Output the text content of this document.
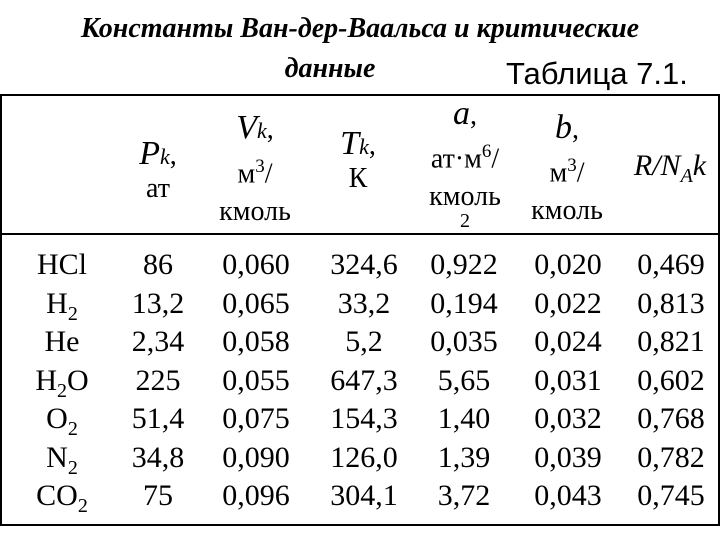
Константы Ван-дер-Ваальса и критические
данные	Таблица 7.1.
Pk,
ат
Vk,
$м^3/$
кмоль
Tk,
К
a,
$ат\cdot м^6/$
кмоль
2
b,
$м^3/$
кмоль
$R/N_Ak$
HCl
$H_2$
He
$H_2O$
$O_2$
$N_2$
$CO_2$
86
13,2
2,34
225
51,4
34,8
75
0,060
0,065
0,058
0,055
0,075
0,090
0,096
324,6
33,2
5,2
647,3
154,3
126,0
304,1
0,922
0,194
0,035
5,65
1,40
1,39
3,72
0,020
0,022
0,024
0,031
0,032
0,039
0,043
0,469
0,813
0,821
0,602
0,768
0,782
0,745
